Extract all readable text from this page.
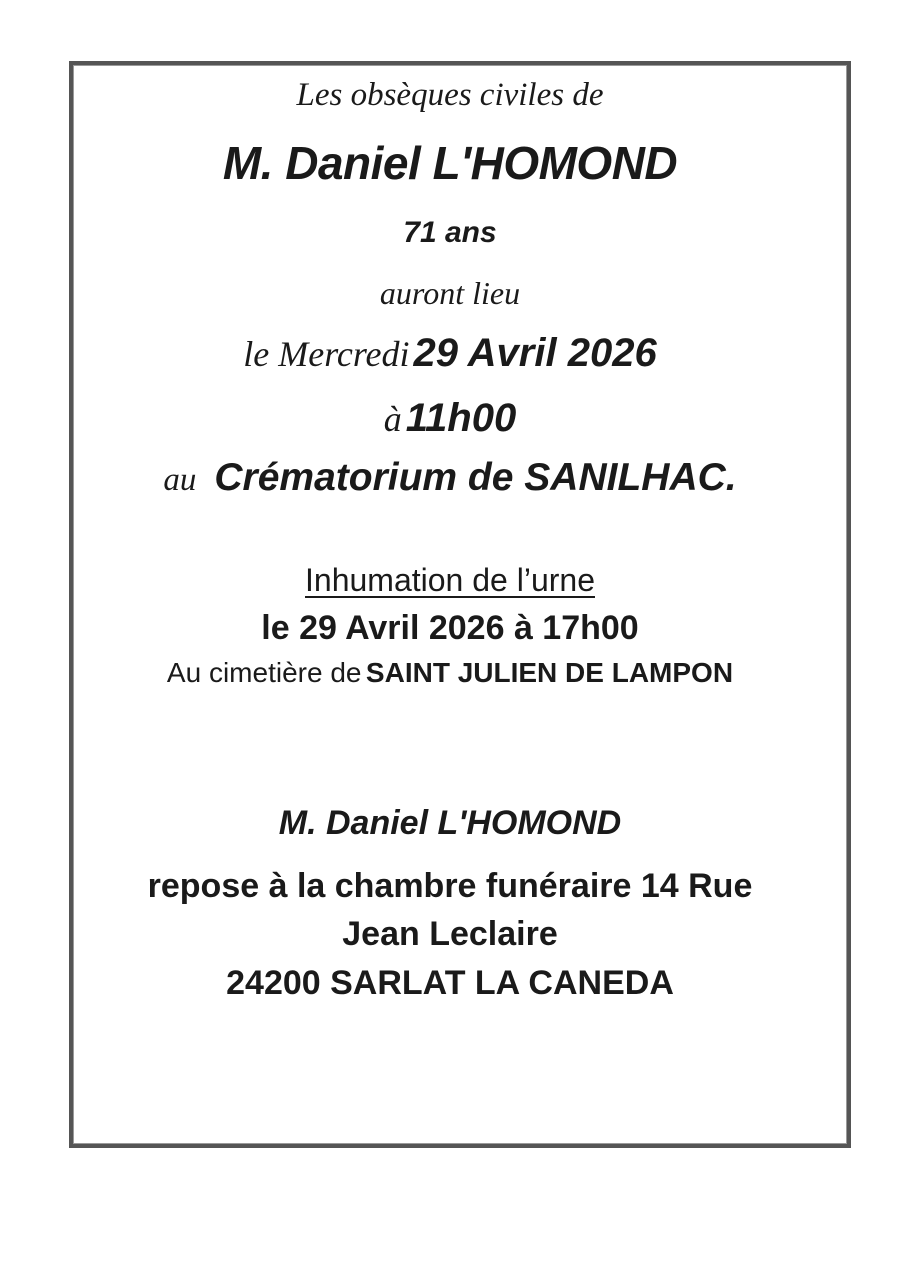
Les obsèques civiles de
M. Daniel L'HOMOND
71 ans
auront lieu
le Mercredi 29 Avril 2026
à 11h00
au Crématorium de SANILHAC.
Inhumation de l’urne
le 29 Avril 2026 à 17h00
Au cimetière de SAINT JULIEN DE LAMPON
M. Daniel L'HOMOND
repose à la chambre funéraire 14 Rue
Jean Leclaire
24200 SARLAT LA CANEDA
